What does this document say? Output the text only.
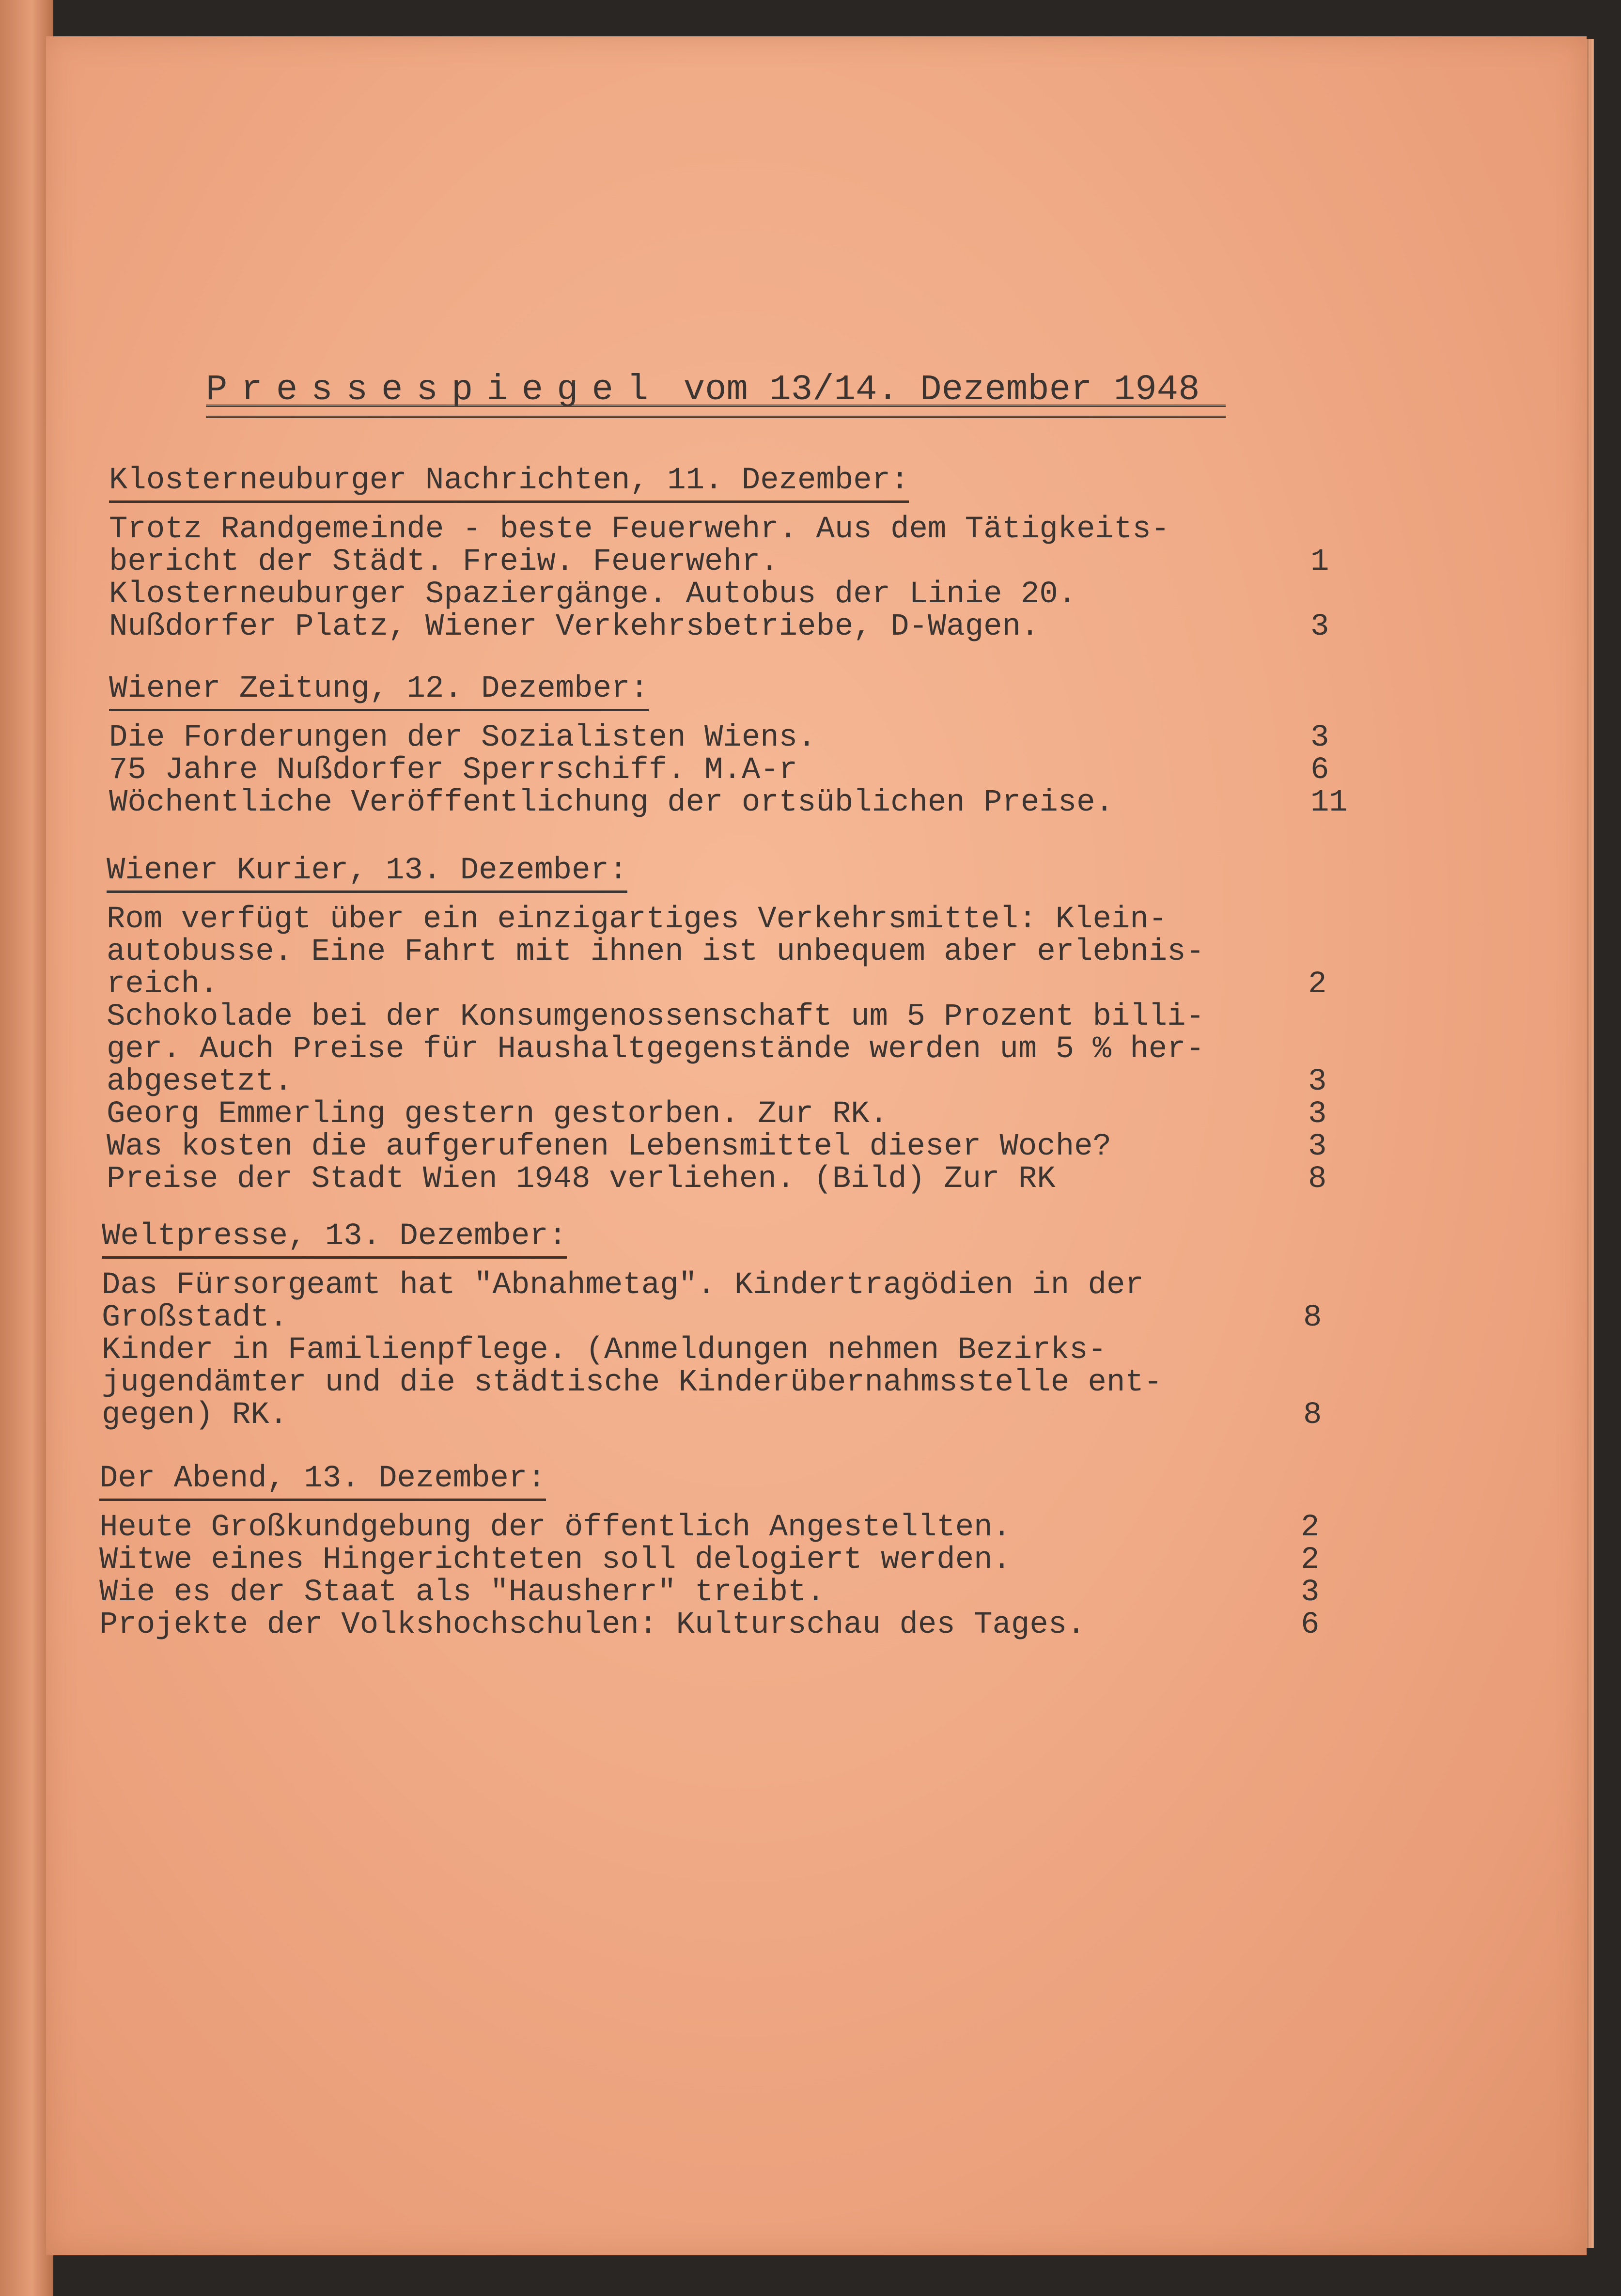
Pressespiegel vom 13/14. Dezember 1948
Klosterneuburger Nachrichten, 11. Dezember:
Trotz Randgemeinde - beste Feuerwehr. Aus dem Tätigkeits-
bericht der Städt. Freiw. Feuerwehr.	1
Klosterneuburger Spaziergänge. Autobus der Linie 20.
Nußdorfer Platz, Wiener Verkehrsbetriebe, D-Wagen.	3
Wiener Zeitung, 12. Dezember:
Die Forderungen der Sozialisten Wiens.	3
75 Jahre Nußdorfer Sperrschiff. M.A-r	6
Wöchentliche Veröffentlichung der ortsüblichen Preise.	11
Wiener Kurier, 13. Dezember:
Rom verfügt über ein einzigartiges Verkehrsmittel: Klein-
autobusse. Eine Fahrt mit ihnen ist unbequem aber erlebnis-
reich.	2
Schokolade bei der Konsumgenossenschaft um 5 Prozent billi-
ger. Auch Preise für Haushaltgegenstände werden um 5 % her-
abgesetzt.	3
Georg Emmerling gestern gestorben. Zur RK.	3
Was kosten die aufgerufenen Lebensmittel dieser Woche?	3
Preise der Stadt Wien 1948 verliehen. (Bild) Zur RK	8
Weltpresse, 13. Dezember:
Das Fürsorgeamt hat "Abnahmetag". Kindertragödien in der
Großstadt.	8
Kinder in Familienpflege. (Anmeldungen nehmen Bezirks-
jugendämter und die städtische Kinderübernahmsstelle ent-
gegen) RK.	8
Der Abend, 13. Dezember:
Heute Großkundgebung der öffentlich Angestellten.	2
Witwe eines Hingerichteten soll delogiert werden.	2
Wie es der Staat als "Hausherr" treibt.	3
Projekte der Volkshochschulen: Kulturschau des Tages.	6
